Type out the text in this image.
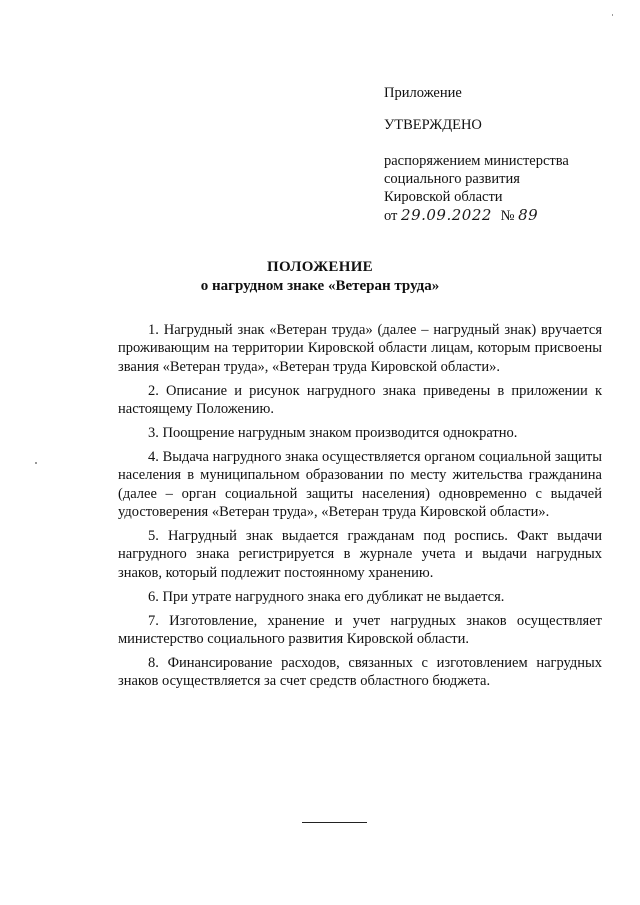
Приложение
УТВЕРЖДЕНО
распоряжением министерства
социального развития
Кировской области
от 29.09.2022 № 89
ПОЛОЖЕНИЕ
о нагрудном знаке «Ветеран труда»

1. Нагрудный знак «Ветеран труда» (далее – нагрудный знак) вручается проживающим на территории Кировской области лицам, которым присвоены звания «Ветеран труда», «Ветеран труда Кировской области».

2. Описание и рисунок нагрудного знака приведены в приложении к настоящему Положению.

3. Поощрение нагрудным знаком производится однократно.

4. Выдача нагрудного знака осуществляется органом социальной защиты населения в муниципальном образовании по месту жительства гражданина (далее – орган социальной защиты населения) одновременно с выдачей удостоверения «Ветеран труда», «Ветеран труда Кировской области».

5. Нагрудный знак выдается гражданам под роспись. Факт выдачи нагрудного знака регистрируется в журнале учета и выдачи нагрудных знаков, который подлежит постоянному хранению.

6. При утрате нагрудного знака его дубликат не выдается.

7. Изготовление, хранение и учет нагрудных знаков осуществляет министерство социального развития Кировской области.

8. Финансирование расходов, связанных с изготовлением нагрудных знаков осуществляется за счет средств областного бюджета.
